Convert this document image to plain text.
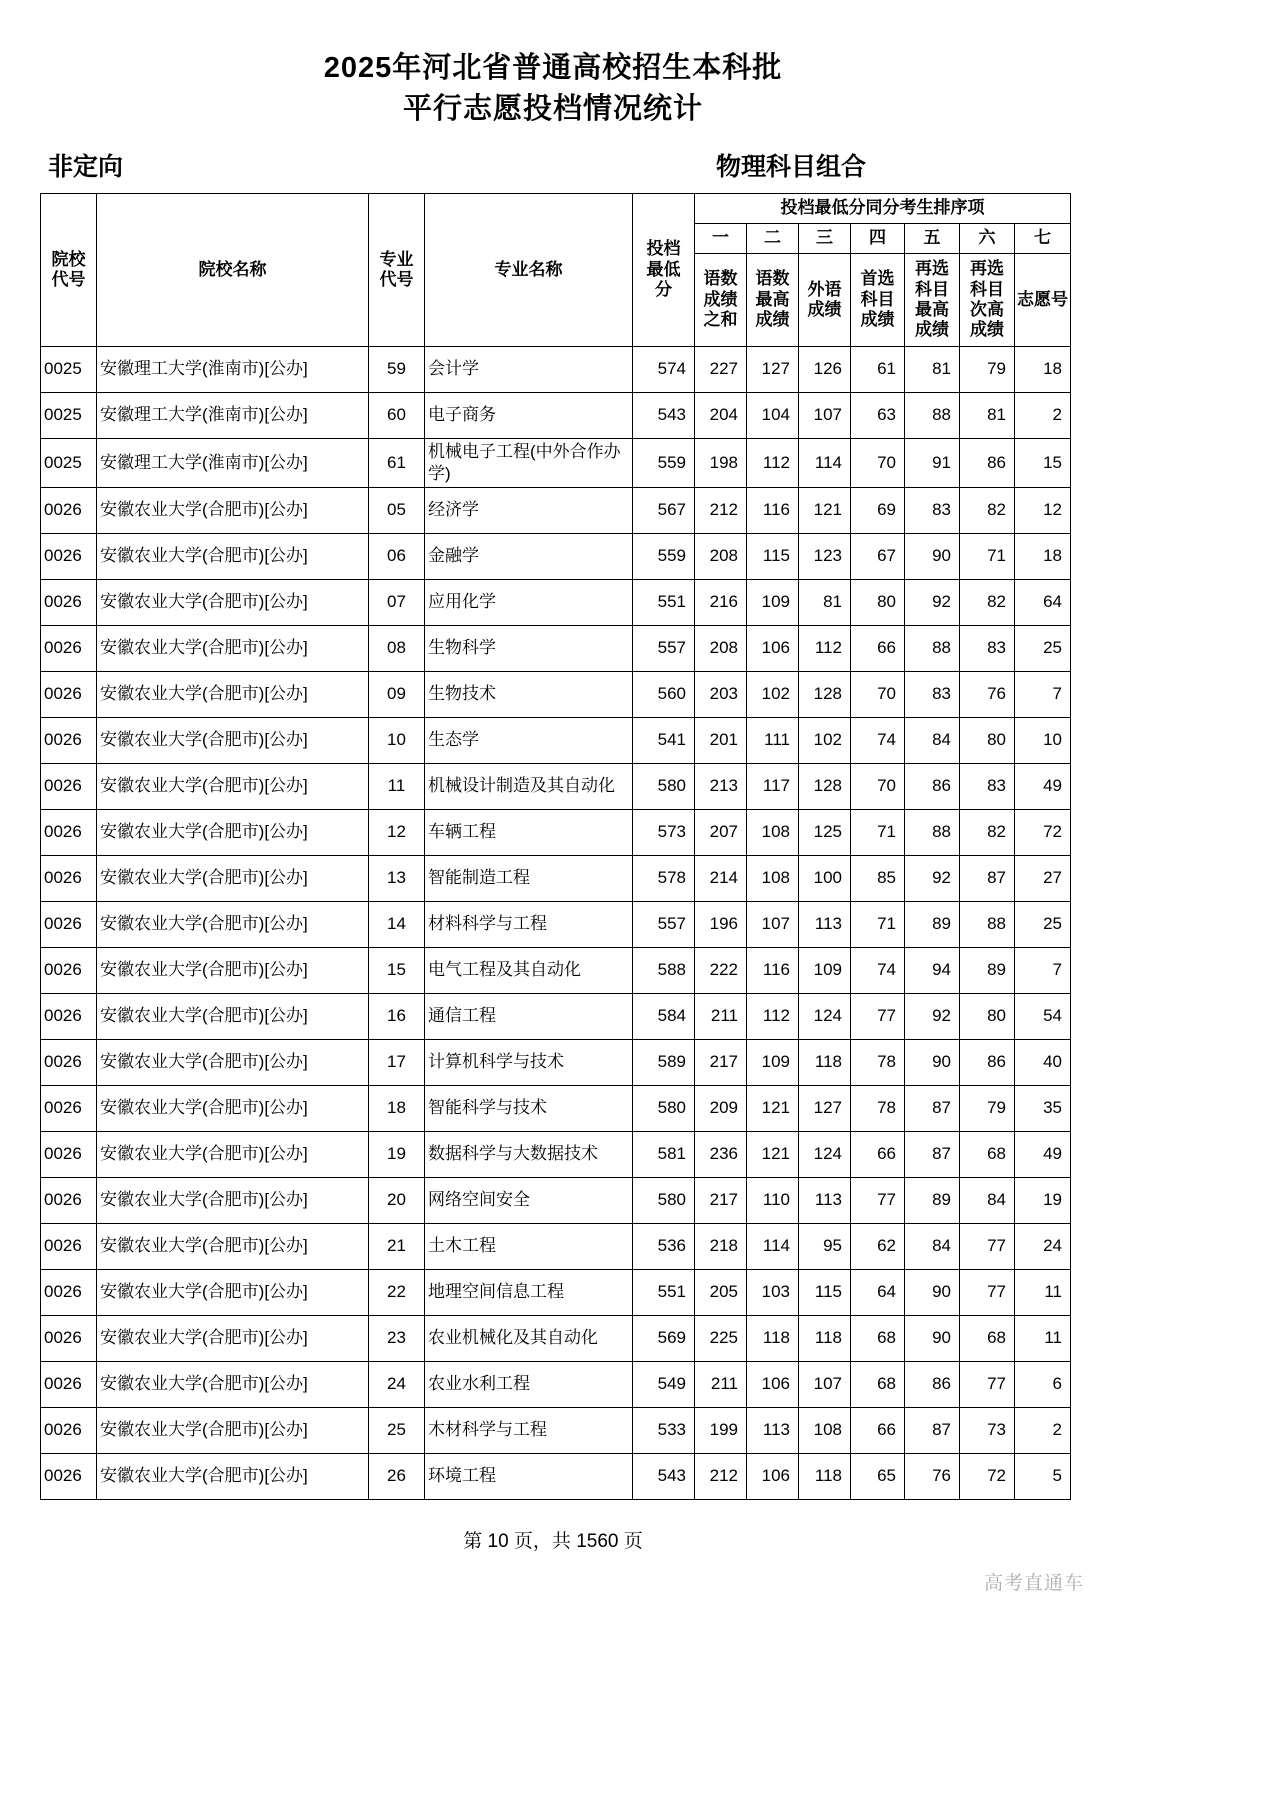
2025年河北省普通高校招生本科批
平行志愿投档情况统计
非定向	物理科目组合
院校代号	院校名称	专业代号	专业名称	投档最低分	投档最低分同分考生排序项						
					一	二	三	四	五	六	七
					语数成绩之和	语数最高成绩	外语成绩	首选科目成绩	再选科目最高成绩	再选科目次高成绩	志愿号
0025	安徽理工大学(淮南市)[公办]	59	会计学	574	227	127	126	61	81	79	18
0025	安徽理工大学(淮南市)[公办]	60	电子商务	543	204	104	107	63	88	81	2
0025	安徽理工大学(淮南市)[公办]	61	机械电子工程(中外合作办学)	559	198	112	114	70	91	86	15
0026	安徽农业大学(合肥市)[公办]	05	经济学	567	212	116	121	69	83	82	12
0026	安徽农业大学(合肥市)[公办]	06	金融学	559	208	115	123	67	90	71	18
0026	安徽农业大学(合肥市)[公办]	07	应用化学	551	216	109	81	80	92	82	64
0026	安徽农业大学(合肥市)[公办]	08	生物科学	557	208	106	112	66	88	83	25
0026	安徽农业大学(合肥市)[公办]	09	生物技术	560	203	102	128	70	83	76	7
0026	安徽农业大学(合肥市)[公办]	10	生态学	541	201	111	102	74	84	80	10
0026	安徽农业大学(合肥市)[公办]	11	机械设计制造及其自动化	580	213	117	128	70	86	83	49
0026	安徽农业大学(合肥市)[公办]	12	车辆工程	573	207	108	125	71	88	82	72
0026	安徽农业大学(合肥市)[公办]	13	智能制造工程	578	214	108	100	85	92	87	27
0026	安徽农业大学(合肥市)[公办]	14	材料科学与工程	557	196	107	113	71	89	88	25
0026	安徽农业大学(合肥市)[公办]	15	电气工程及其自动化	588	222	116	109	74	94	89	7
0026	安徽农业大学(合肥市)[公办]	16	通信工程	584	211	112	124	77	92	80	54
0026	安徽农业大学(合肥市)[公办]	17	计算机科学与技术	589	217	109	118	78	90	86	40
0026	安徽农业大学(合肥市)[公办]	18	智能科学与技术	580	209	121	127	78	87	79	35
0026	安徽农业大学(合肥市)[公办]	19	数据科学与大数据技术	581	236	121	124	66	87	68	49
0026	安徽农业大学(合肥市)[公办]	20	网络空间安全	580	217	110	113	77	89	84	19
0026	安徽农业大学(合肥市)[公办]	21	土木工程	536	218	114	95	62	84	77	24
0026	安徽农业大学(合肥市)[公办]	22	地理空间信息工程	551	205	103	115	64	90	77	11
0026	安徽农业大学(合肥市)[公办]	23	农业机械化及其自动化	569	225	118	118	68	90	68	11
0026	安徽农业大学(合肥市)[公办]	24	农业水利工程	549	211	106	107	68	86	77	6
0026	安徽农业大学(合肥市)[公办]	25	木材科学与工程	533	199	113	108	66	87	73	2
0026	安徽农业大学(合肥市)[公办]	26	环境工程	543	212	106	118	65	76	72	5
第 10 页，共 1560 页
高考直通车
